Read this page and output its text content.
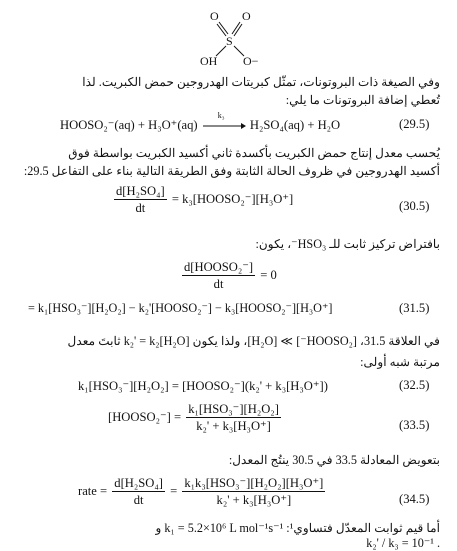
O O
S
OH O−
وفي الصيغة ذات البروتونات، تمثّل كبريتات الهدروجين حمض الكبريت. لذا
تُعطي إضافة البروتونات ما يلي:
HOOSO₂⁻(aq) + H₃O⁺(aq)
k₃
H₂SO₄(aq) + H₂O	(29.5)
يُحسب معدل إنتاج حمض الكبريت بأكسدة ثاني أكسيد الكبريت بواسطة فوق
أكسيد الهدروجين في ظروف الحالة الثابتة وفق الطريقة التالية بناء على التفاعل 29.5:
$\frac{\text{d[H₂SO₄]}}{dt}$ = k₃[HOOSO₂⁻][H₃O⁺]
(30.5)
بافتراض تركيز ثابت للـ HSO₃⁻، يكون:
$\frac{\text{d[HOOSO₂⁻]}}{dt} = 0$
= k₁[HSO₃⁻][H₂O₂] − k₂'[HOOSO₂⁻] − k₃[HOOSO₂⁻][H₃O⁺]	(31.5)
في العلاقة 31.5، [HOOSO₂⁻] ≫ [H₂O]، ولذا يكون k₂' = k₂[H₂O] ثابتَ معدل
مرتبة شبه أولى:
k₁[HSO₃⁻][H₂O₂] = [HOOSO₂⁻](k₂' + k₃[H₃O⁺])	(32.5)
[HOOSO₂⁻] = $\frac{\text{k₁[HSO₃⁻][H₂O₂]}}{\text{k₂' + k₃[H₃O⁺]}}$	(33.5)
بتعويض المعادلة 33.5 في 30.5 ينتُج المعدل:
rate = $\frac{\text{d[H₂SO₄]}}{dt} = \frac{\text{k₁k₃[HSO₃⁻][H₂O₂][H₃O⁺]}}{\text{k₂' + k₃[H₃O⁺]}}$	(34.5)
أما قيم ثوابت المعدّل فتساوي¹: k₁ = 5.2×10⁶ L mol⁻¹s⁻¹ و
. k₂' / k₃ = 10⁻¹
